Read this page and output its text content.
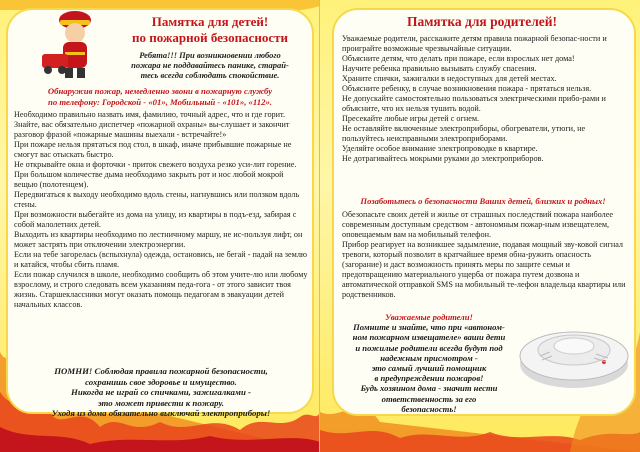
Памятка для детей!
по пожарной безопасности
Ребята!!! При возникновении любого
пожара не поддавайтесь панике, старай-
тесь всегда соблюдать спокойствие.
Обнаружив пожар, немедленно звони в пожарную службу
по телефону: Городской - «01», Мобильный - «101», «112».

Необходимо правильно назвать имя, фамилию, точный адрес, что и где горит. Знайте, вас обязательно диспетчер «пожарной охраны» вы-слушает и закончит разговор фразой «пожарные машины выехали - встречайте!»

При пожаре нельзя прятаться под стол, в шкаф, иначе прибывшие пожарные не смогут вас отыскать быстро.

Не открывайте окна и форточки - приток свежего воздуха резко уси-лит горение.

При большом количестве дыма необходимо закрыть рот и нос любой мокрой вещью (полотенцем).

Передвигаться к выходу необходимо вдоль стены, нагнувшись или ползком вдоль стены.

При возможности выбегайте из дома на улицу, из квартиры в подъ-езд, забирая с собой малолетних детей.

Выходить из квартиры необходимо по лестничному маршу, не ис-пользуя лифт, он может застрять при отключении электроэнергии.

Если на тебе загорелась (вспыхнула) одежда, остановись, не бегай - падай на землю и катайся, чтобы сбить пламя.

Если пожар случился в школе, необходимо сообщить об этом учите-лю или любому взрослому, и строго следовать всем указаниям педа-гога - от этого зависит твоя жизнь. Старшеклассники могут оказать помощь педагогам в эвакуации детей начальных классов.

ПОМНИ! Соблюдая правила пожарной безопасности,
сохранишь свое здоровье и имущество.
Никогда не играй со спичками, зажигалками -
это может привести к пожару.
Уходя из дома обязательно выключай электроприборы!
Памятка для родителей!

Уважаемые родители, расскажите детям правила пожарной безопас-ности и проиграйте возможные чрезвычайные ситуации.

Объясните детям, что делать при пожаре, если взрослых нет дома!

Научите ребенка правильно вызывать службу спасения.

Храните спички, зажигалки в недоступных для детей местах.

Объясните ребенку, в случае возникновения пожара - прятаться нельзя.

Не допускайте самостоятельно пользоваться электрическими прибо-рами и объясните, что их нельзя тушить водой.

Пресекайте любые игры детей с огнем.

Не оставляйте включенные электроприборы, обогреватели, утюги, не пользуйтесь неисправными электроприборами.

Уделяйте особое внимание электропроводке в квартире.

Не дотрагивайтесь мокрыми руками до электроприборов.

Позаботьтесь о безопасности Ваших детей, близких и родных!

Обезопасьте своих детей и жилье от страшных последствий пожара наиболее современным доступным средством - автономным пожар-ным извещателем, оповещаемым вам на мобильный телефон.

Прибор реагирует на возникшее задымление, подавая мощный зву-ковой сигнал тревоги, который позволит в кратчайшее время обна-ружить опасность (загорание) и даст возможность принять меры по защите семьи и предотвращению материального ущерба от пожара путем дозвона и автоматической отправкой SMS на мобильный те-лефон владельца квартиры или родственников.

Уважаемые родители!
Помните и знайте, что при «автоном-
ном пожарном извещателе» ваши дети
и пожилые родители всегда будут под
надежным присмотром -
это самый лучший помощник
в предупреждении пожаров!
Будь хозяином дома - значит нести
ответственность за его
безопасность!
